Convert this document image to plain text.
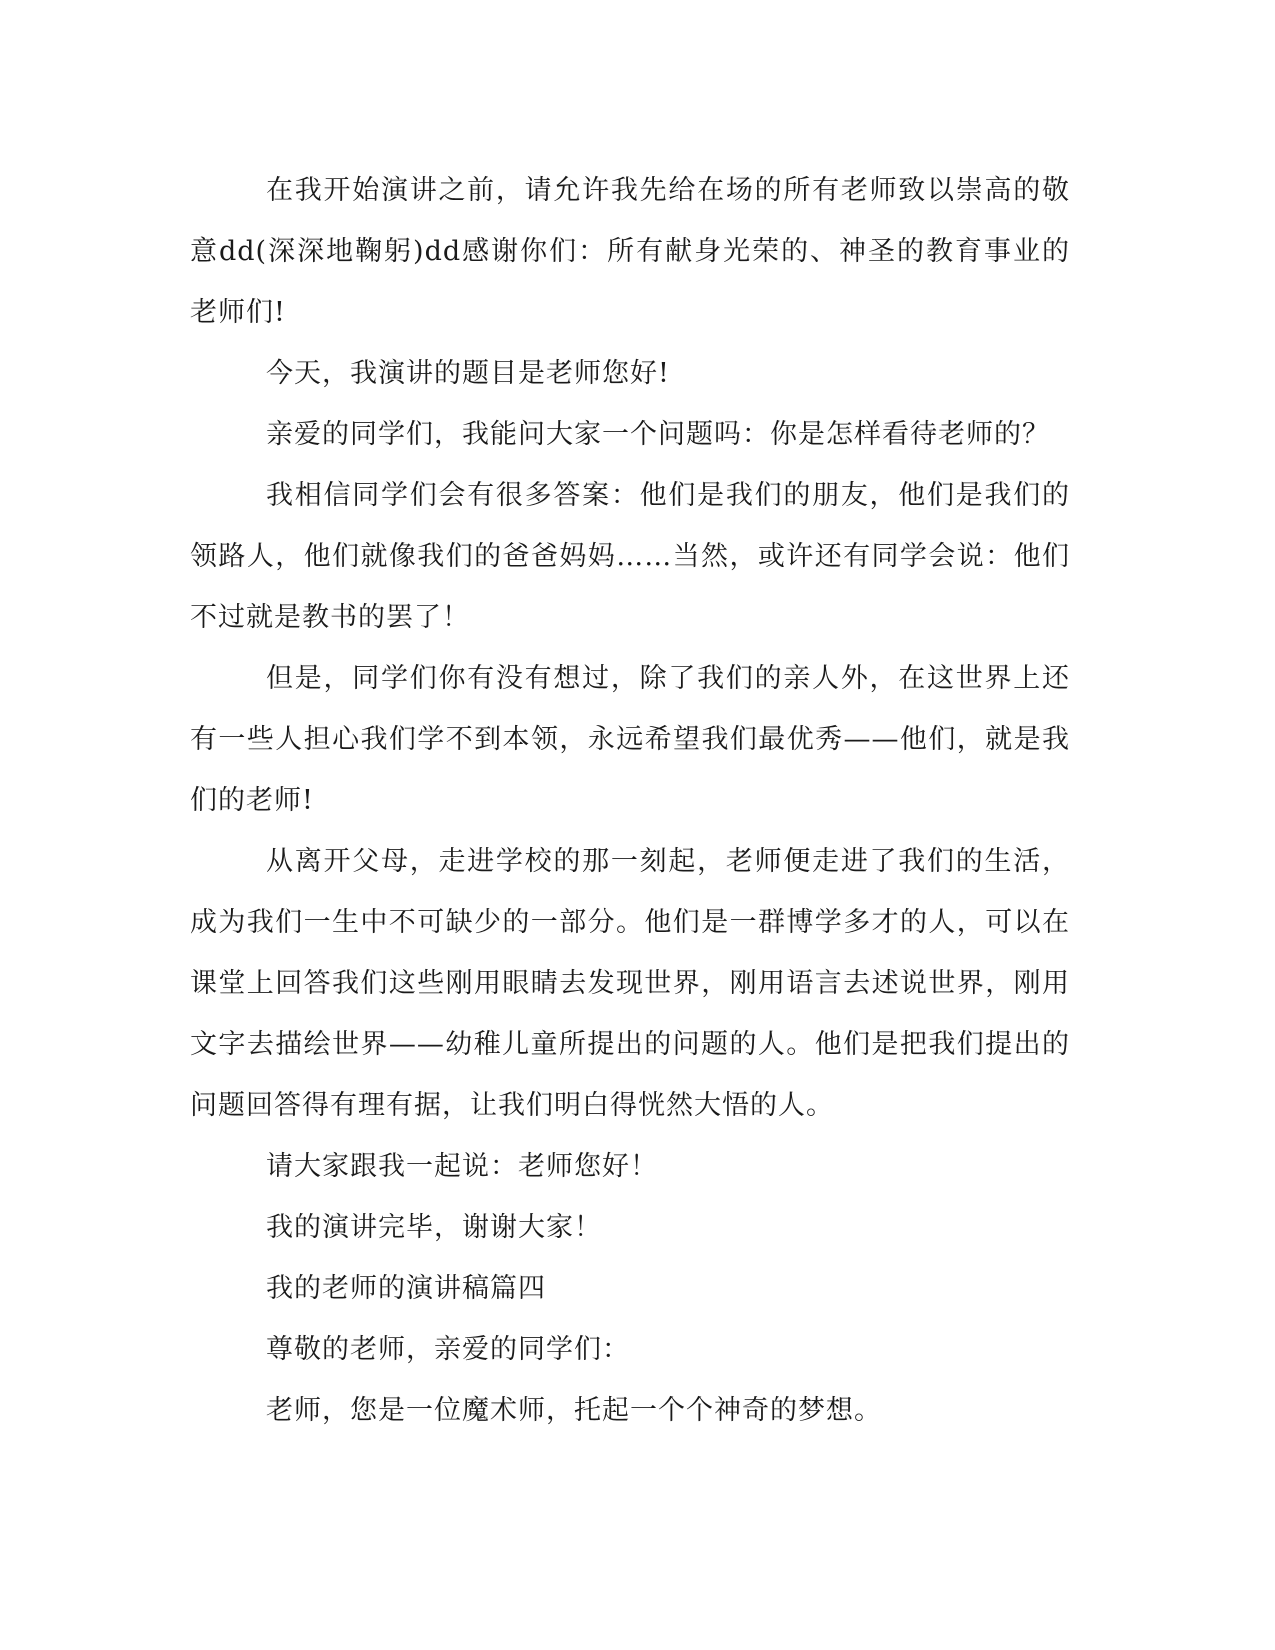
在我开始演讲之前，请允许我先给在场的所有老师致以崇高的敬意dd(深深地鞠躬)dd感谢你们：所有献身光荣的、神圣的教育事业的老师们!

今天，我演讲的题目是老师您好!

亲爱的同学们，我能问大家一个问题吗：你是怎样看待老师的？

我相信同学们会有很多答案：他们是我们的朋友，他们是我们的领路人，他们就像我们的爸爸妈妈……当然，或许还有同学会说：他们不过就是教书的罢了！

但是，同学们你有没有想过，除了我们的亲人外，在这世界上还有一些人担心我们学不到本领，永远希望我们最优秀——他们，就是我们的老师!

从离开父母，走进学校的那一刻起，老师便走进了我们的生活，成为我们一生中不可缺少的一部分。他们是一群博学多才的人，可以在课堂上回答我们这些刚用眼睛去发现世界，刚用语言去述说世界，刚用文字去描绘世界——幼稚儿童所提出的问题的人。他们是把我们提出的问题回答得有理有据，让我们明白得恍然大悟的人。

请大家跟我一起说：老师您好！

我的演讲完毕，谢谢大家！

我的老师的演讲稿篇四

尊敬的老师，亲爱的同学们：

老师，您是一位魔术师，托起一个个神奇的梦想。
